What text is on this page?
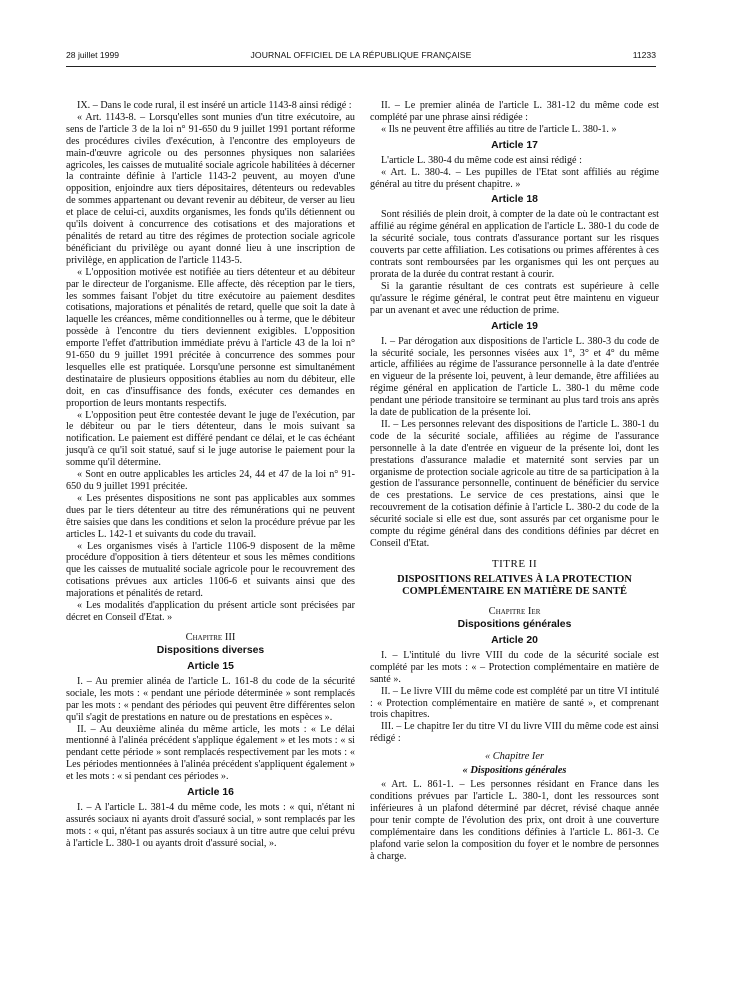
28 juillet 1999	JOURNAL OFFICIEL DE LA RÉPUBLIQUE FRANÇAISE	11233

IX. – Dans le code rural, il est inséré un article 1143-8 ainsi rédigé :

« Art. 1143-8. – Lorsqu'elles sont munies d'un titre exécutoire, au sens de l'article 3 de la loi n° 91-650 du 9 juillet 1991 portant réforme des procédures civiles d'exécution, à l'encontre des employeurs de main-d'œuvre agricole ou des personnes physiques non salariées agricoles, les caisses de mutualité sociale agricole habilitées à décerner la contrainte définie à l'article 1143-2 peuvent, au moyen d'une opposition, enjoindre aux tiers dépositaires, détenteurs ou redevables de sommes appartenant ou devant revenir au débiteur, de verser au lieu et place de celui-ci, auxdits organismes, les fonds qu'ils détiennent ou qu'ils doivent à concurrence des cotisations et des majorations et pénalités de retard au titre des régimes de protection sociale agricole bénéficiant du privilège ou ayant donné lieu à une inscription de privilège, en application de l'article 1143-5.

« L'opposition motivée est notifiée au tiers détenteur et au débiteur par le directeur de l'organisme. Elle affecte, dès réception par le tiers, les sommes faisant l'objet du titre exécutoire au paiement desdites cotisations, majorations et pénalités de retard, quelle que soit la date à laquelle les créances, même conditionnelles ou à terme, que le débiteur possède à l'encontre du tiers deviennent exigibles. L'opposition emporte l'effet d'attribution immédiate prévu à l'article 43 de la loi n° 91-650 du 9 juillet 1991 précitée à concurrence des sommes pour lesquelles elle est pratiquée. Lorsqu'une personne est simultanément destinataire de plusieurs oppositions établies au nom du débiteur, elle doit, en cas d'insuffisance des fonds, exécuter ces demandes en proportion de leurs montants respectifs.

« L'opposition peut être contestée devant le juge de l'exécution, par le débiteur ou par le tiers détenteur, dans le mois suivant sa notification. Le paiement est différé pendant ce délai, et le cas échéant jusqu'à ce qu'il soit statué, sauf si le juge autorise le paiement pour la somme qu'il détermine.

« Sont en outre applicables les articles 24, 44 et 47 de la loi n° 91-650 du 9 juillet 1991 précitée.

« Les présentes dispositions ne sont pas applicables aux sommes dues par le tiers détenteur au titre des rémunérations qui ne peuvent être saisies que dans les conditions et selon la procédure prévue par les articles L. 142-1 et suivants du code du travail.

« Les organismes visés à l'article 1106-9 disposent de la même procédure d'opposition à tiers détenteur et sous les mêmes conditions que les caisses de mutualité sociale agricole pour le recouvrement des cotisations prévues aux articles 1106-6 et suivants ainsi que des majorations et pénalités de retard.

« Les modalités d'application du présent article sont précisées par décret en Conseil d'Etat. »

Chapitre III
Dispositions diverses
Article 15

I. – Au premier alinéa de l'article L. 161-8 du code de la sécurité sociale, les mots : « pendant une période déterminée » sont remplacés par les mots : « pendant des périodes qui peuvent être différentes selon qu'il s'agit de prestations en nature ou de prestations en espèces ».

II. – Au deuxième alinéa du même article, les mots : « Le délai mentionné à l'alinéa précédent s'applique également » et les mots : « si pendant cette période » sont remplacés respectivement par les mots : « Les périodes mentionnées à l'alinéa précédent s'appliquent également » et les mots : « si pendant ces périodes ».

Article 16

I. – A l'article L. 381-4 du même code, les mots : « qui, n'étant ni assurés sociaux ni ayants droit d'assuré social, » sont remplacés par les mots : « qui, n'étant pas assurés sociaux à un titre autre que celui prévu à l'article L. 380-1 ou ayants droit d'assuré social, ».

II. – Le premier alinéa de l'article L. 381-12 du même code est complété par une phrase ainsi rédigée :

« Ils ne peuvent être affiliés au titre de l'article L. 380-1. »

Article 17

L'article L. 380-4 du même code est ainsi rédigé :

« Art. L. 380-4. – Les pupilles de l'Etat sont affiliés au régime général au titre du présent chapitre. »

Article 18

Sont résiliés de plein droit, à compter de la date où le contractant est affilié au régime général en application de l'article L. 380-1 du code de la sécurité sociale, tous contrats d'assurance portant sur les risques couverts par cette affiliation. Les cotisations ou primes afférentes à ces contrats sont remboursées par les organismes qui les ont perçues au prorata de la durée du contrat restant à courir.

Si la garantie résultant de ces contrats est supérieure à celle qu'assure le régime général, le contrat peut être maintenu en vigueur par un avenant et avec une réduction de prime.

Article 19

I. – Par dérogation aux dispositions de l'article L. 380-3 du code de la sécurité sociale, les personnes visées aux 1°, 3° et 4° du même article, affiliées au régime de l'assurance personnelle à la date d'entrée en vigueur de la présente loi, peuvent, à leur demande, être affiliées au régime général en application de l'article L. 380-1 du même code pendant une période transitoire se terminant au plus tard trois ans après la date de publication de la présente loi.

II. – Les personnes relevant des dispositions de l'article L. 380-1 du code de la sécurité sociale, affiliées au régime de l'assurance personnelle à la date d'entrée en vigueur de la présente loi, dont les prestations d'assurance maladie et maternité sont servies par un organisme de protection sociale agricole au titre de sa participation à la gestion de l'assurance personnelle, continuent de bénéficier du service de ces prestations. Le service de ces prestations, ainsi que le recouvrement de la cotisation définie à l'article L. 380-2 du code de la sécurité sociale si elle est due, sont assurés par cet organisme pour le compte du régime général dans des conditions définies par décret en Conseil d'Etat.

TITRE II
DISPOSITIONS RELATIVES À LA PROTECTION COMPLÉMENTAIRE EN MATIÈRE DE SANTÉ
Chapitre Ier
Dispositions générales
Article 20

I. – L'intitulé du livre VIII du code de la sécurité sociale est complété par les mots : « – Protection complémentaire en matière de santé ».

II. – Le livre VIII du même code est complété par un titre VI intitulé : « Protection complémentaire en matière de santé », et comprenant trois chapitres.

III. – Le chapitre Ier du titre VI du livre VIII du même code est ainsi rédigé :

« Chapitre Ier
« Dispositions générales

« Art. L. 861-1. – Les personnes résidant en France dans les conditions prévues par l'article L. 380-1, dont les ressources sont inférieures à un plafond déterminé par décret, révisé chaque année pour tenir compte de l'évolution des prix, ont droit à une couverture complémentaire dans les conditions définies à l'article L. 861-3. Ce plafond varie selon la composition du foyer et le nombre de personnes à charge.
